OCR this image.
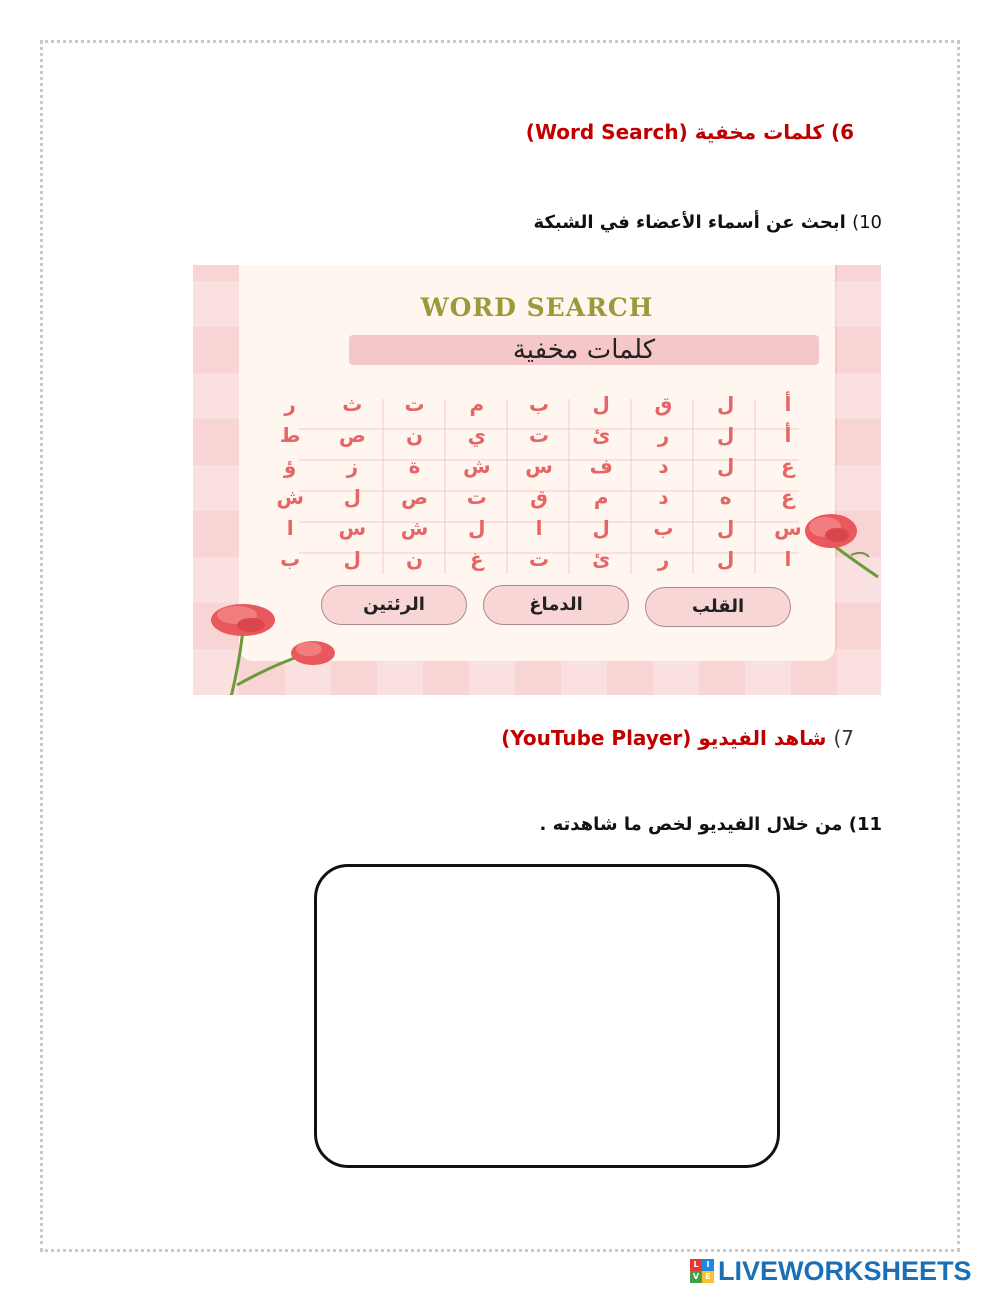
6) كلمات مخفية (Word Search)
10) ابحث عن أسماء الأعضاء في الشبكة
WORD SEARCH
كلمات مخفية
أ
ل
ق
ل
ب
م
ت
ث
ر
أ
ل
ر
ئ
ت
ي
ن
ص
ط
ع
ل
د
ف
س
ش
ة
ز
ؤ
ع
ه
د
م
ق
ت
ص
ل
ش
س
ل
ب
ل
ا
ل
ش
س
ا
ا
ل
ر
ئ
ت
غ
ن
ل
ب
القلب
الدماغ
الرئتين
7) شاهد الفيديو (YouTube Player)
11) من خلال الفيديو لخص ما شاهدته .
L I
V E LIVEWORKSHEETS
